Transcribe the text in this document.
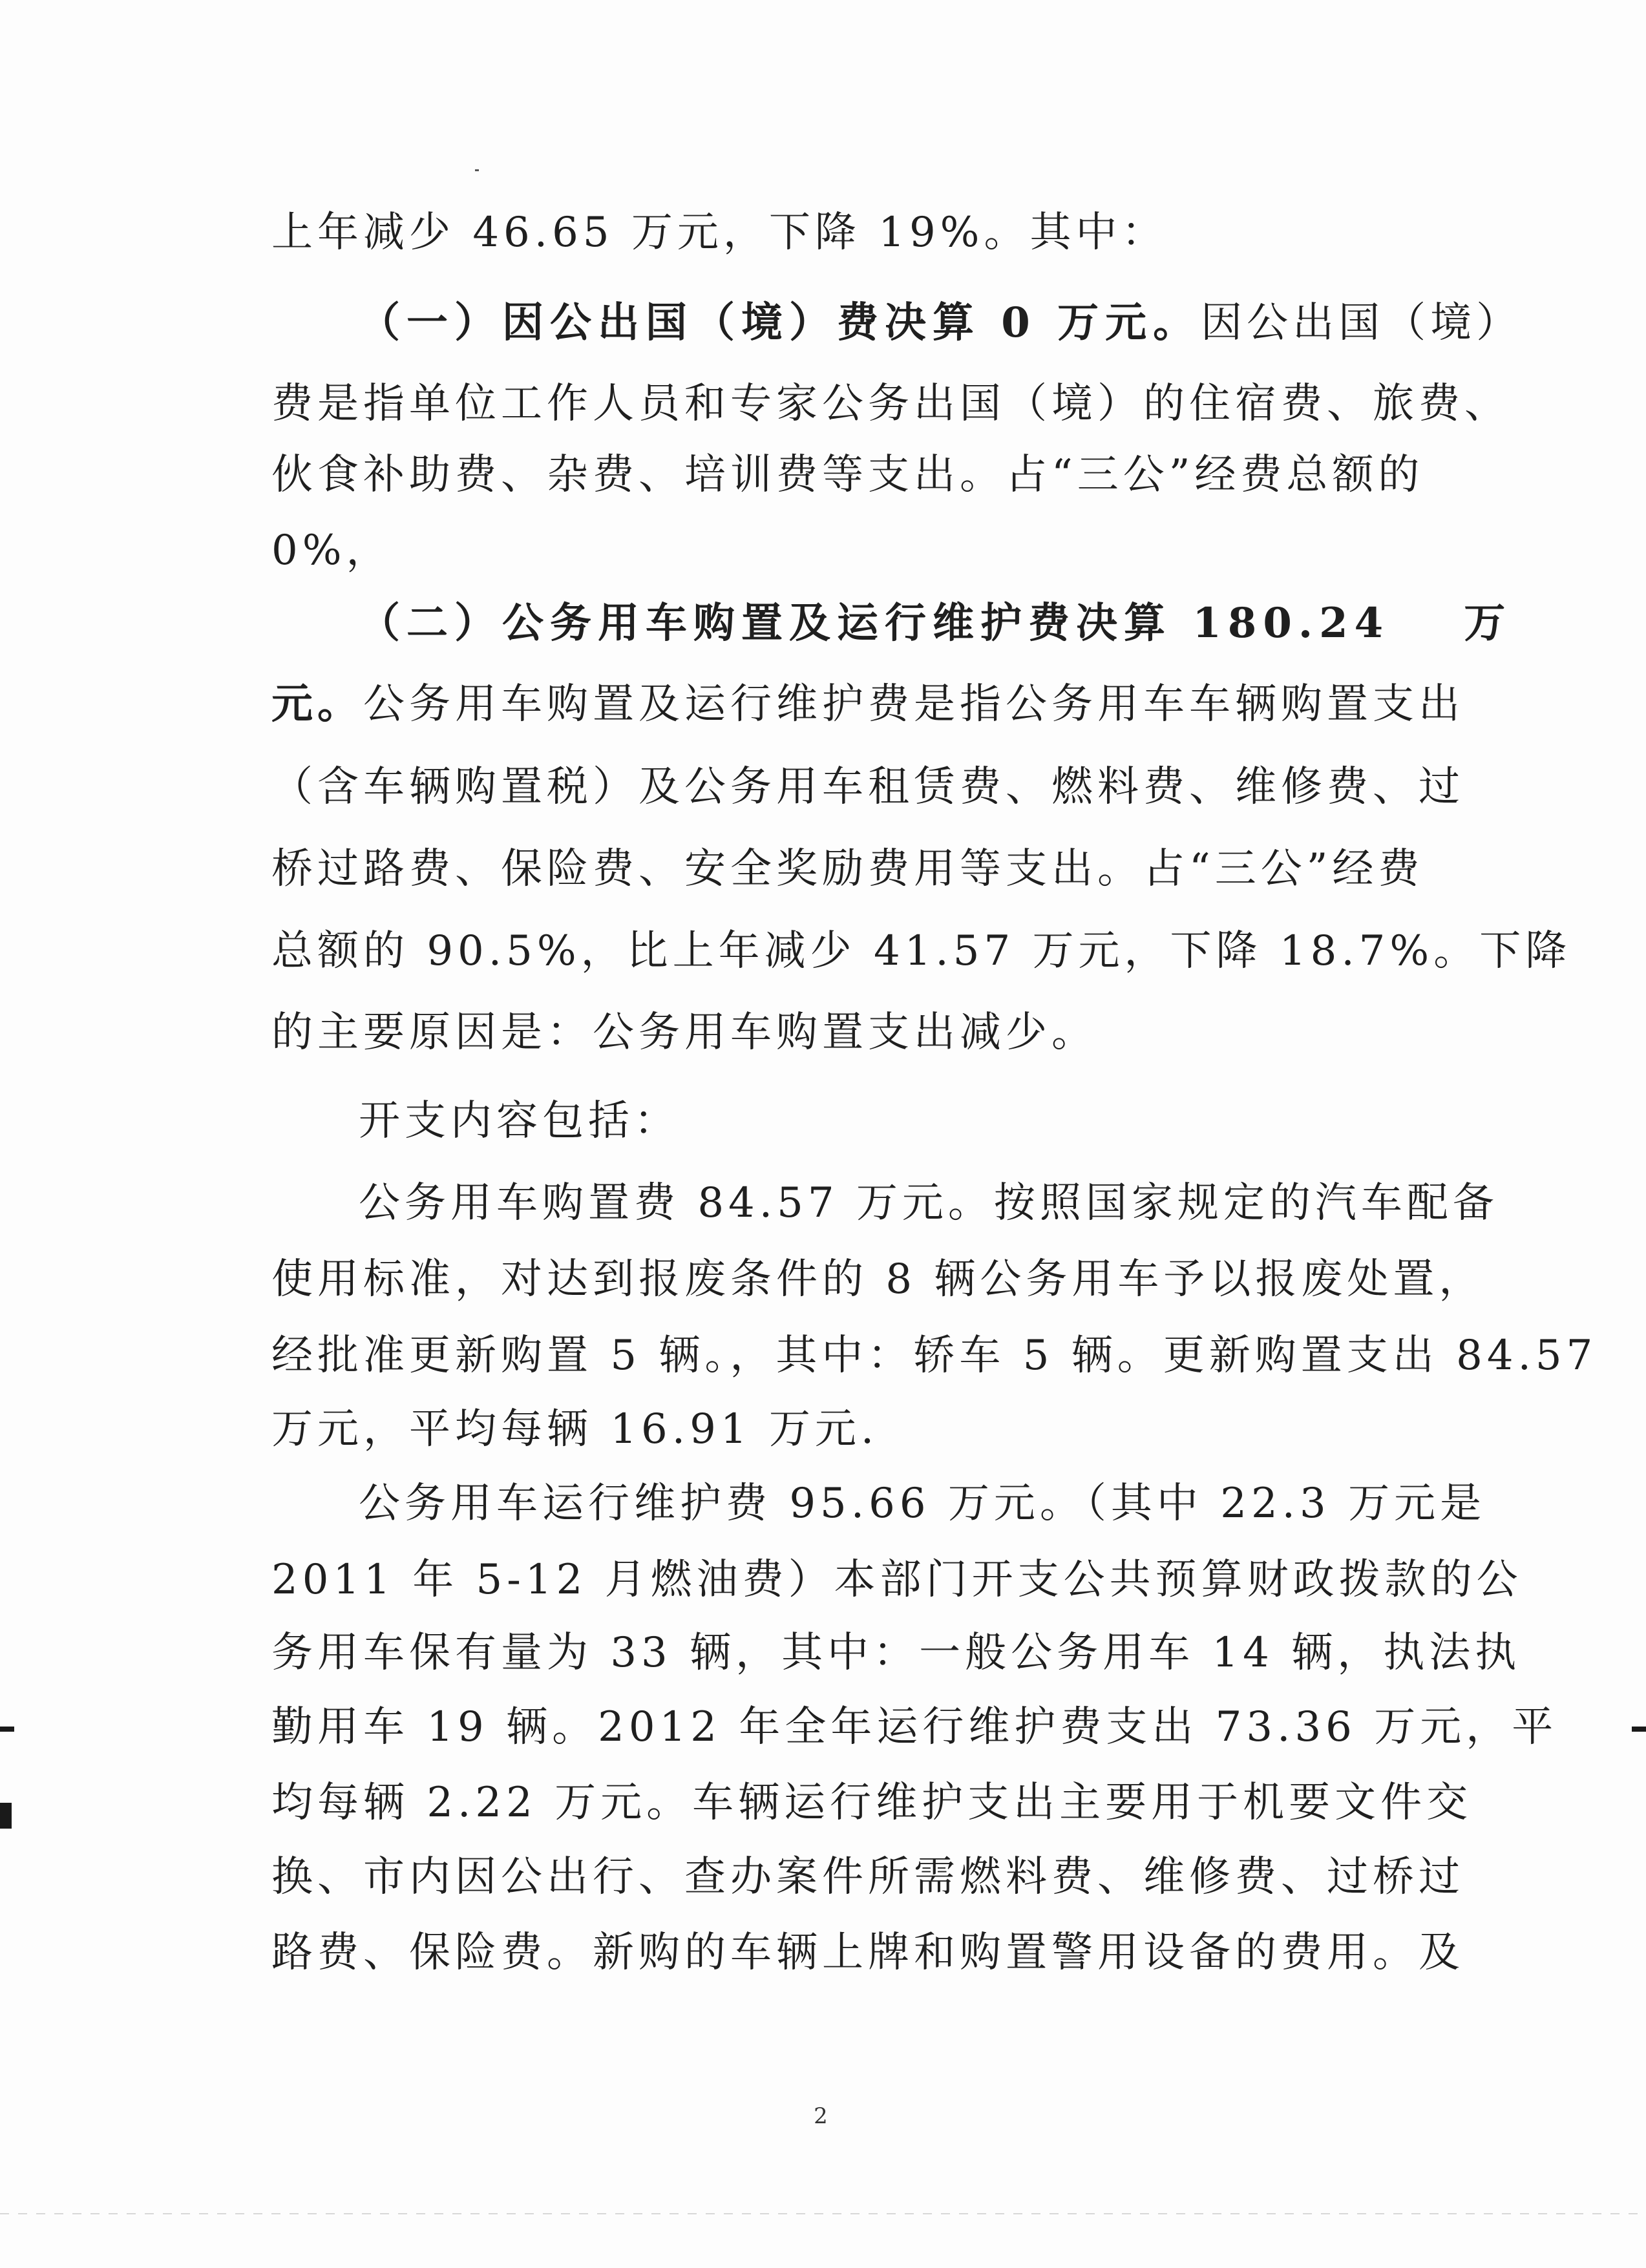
上年减少 46.65 万元，下降 19%。其中：
（一）因公出国（境）费决算 0 万元。因公出国（境）
费是指单位工作人员和专家公务出国（境）的住宿费、旅费、
伙食补助费、杂费、培训费等支出。占“三公”经费总额的
0%，
（二）公务用车购置及运行维护费决算 180.24 万
元。公务用车购置及运行维护费是指公务用车车辆购置支出
（含车辆购置税）及公务用车租赁费、燃料费、维修费、过
桥过路费、保险费、安全奖励费用等支出。占“三公”经费
总额的 90.5%，比上年减少 41.57 万元，下降 18.7%。下降
的主要原因是：公务用车购置支出减少。
开支内容包括：
公务用车购置费 84.57 万元。按照国家规定的汽车配备
使用标准，对达到报废条件的 8 辆公务用车予以报废处置，
经批准更新购置 5 辆。，其中：轿车 5 辆。更新购置支出 84.57
万元，平均每辆 16.91 万元.
公务用车运行维护费 95.66 万元。（其中 22.3 万元是
2011 年 5-12 月燃油费）本部门开支公共预算财政拨款的公
务用车保有量为 33 辆，其中：一般公务用车 14 辆，执法执
勤用车 19 辆。2012 年全年运行维护费支出 73.36 万元，平
均每辆 2.22 万元。车辆运行维护支出主要用于机要文件交
换、市内因公出行、查办案件所需燃料费、维修费、过桥过
路费、保险费。新购的车辆上牌和购置警用设备的费用。及
2
